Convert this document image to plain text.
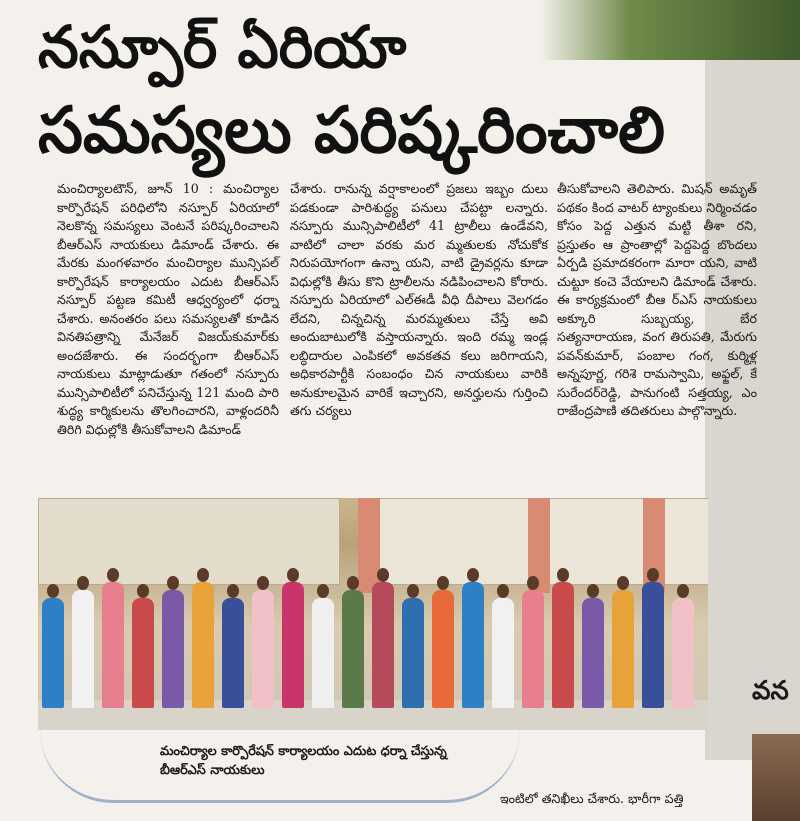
నస్పూర్ ఏరియా
సమస్యలు పరిష్కరించాలి
మంచిర్యాలటౌన్, జూన్ 10 : మంచిర్యాల కార్పొరేషన్ పరిధిలోని నస్పూర్ ఏరియాలో నెలకొన్న సమస్యలు వెంటనే పరిష్కరించాలని బీఆర్ఎస్ నాయకులు డిమాండ్ చేశారు. ఈ మేరకు మంగళవారం మంచిర్యాల మున్సిపల్ కార్పొరేషన్ కార్యాలయం ఎదుట బీఆర్ఎస్ నస్పూర్ పట్టణ కమిటీ ఆధ్వర్యంలో ధర్నా చేశారు. అనంతరం పలు సమస్యలతో కూడిన వినతిపత్రాన్ని మేనేజర్ విజయ్‌కుమార్‌కు అందజేశారు. ఈ సందర్భంగా బీఆర్ఎస్ నాయకులు మాట్లాడుతూ గతంలో నస్పూరు మున్సిపాలిటీలో పనిచేస్తున్న 121 మంది పారి శుద్ధ్య కార్మికులను తొలగించారని, వాళ్లందరినీ తిరిగి విధుల్లోకి తీసుకోవాలని డిమాండ్
చేశారు. రానున్న వర్షాకాలంలో ప్రజలు ఇబ్బం దులు పడకుండా పారిశుద్ధ్య పనులు చేపట్టా లన్నారు. నస్పూరు మున్సిపాలిటీలో 41 ట్రాలీలు ఉండేవని, వాటిలో చాలా వరకు మర మ్మతులకు నోచుకోక నిరుపయోగంగా ఉన్నా యని, వాటి డ్రైవర్లను కూడా విధుల్లోకి తీసు కొని ట్రాలీలను నడిపించాలని కోరారు. నస్పూరు ఏరియాలో ఎల్ఈడీ వీధి దీపాలు వెలగడం లేదని, చిన్నచిన్న మరమ్మతులు చేస్తే అవి అందుబాటులోకి వస్తాయన్నారు. ఇంది రమ్మ ఇండ్ల లబ్ధిదారుల ఎంపికలో అవకతవ కలు జరిగాయని, అధికారపార్టీకి సంబంధం చిన నాయకులు వారికి అనుకూలమైన వారికే ఇచ్చారని, అనర్హులను గుర్తించి తగు చర్యలు
తీసుకోవాలని తెలిపారు. మిషన్ అమృత్ పథకం కింద వాటర్ ట్యాంకులు నిర్మించడం కోసం పెద్ద ఎత్తున మట్టి తీశా రని, ప్రస్తుతం ఆ ప్రాంతాల్లో పెద్దపెద్ద బొందలు ఏర్పడి ప్రమాదకరంగా మారా యని, వాటి చుట్టూ కంచె వేయాలని డిమాండ్ చేశారు. ఈ కార్యక్రమంలో బీఆ ర్ఎస్ నాయకులు అక్కూరి సుబ్బయ్య, బేర సత్యనారాయణ, వంగ తిరుపతి, మేరుగు పవన్‌కుమార్, పంబాల గంగ, కుర్మిళ్ల అన్నపూర్ణ, గరిశె రామస్వామి, అఫ్జల్, కే సురేందర్‌రెడ్డి, పానుగంటి సత్తయ్య, ఎం రాజేంద్రపాణి తదితరులు పాల్గొన్నారు.
మంచిర్యాల కార్పొరేషన్ కార్యాలయం ఎదుట ధర్నా చేస్తున్న బీఆర్ఎస్ నాయకులు
వన
ఇంటిలో తనిఖీలు చేశారు. భారీగా పత్తి
